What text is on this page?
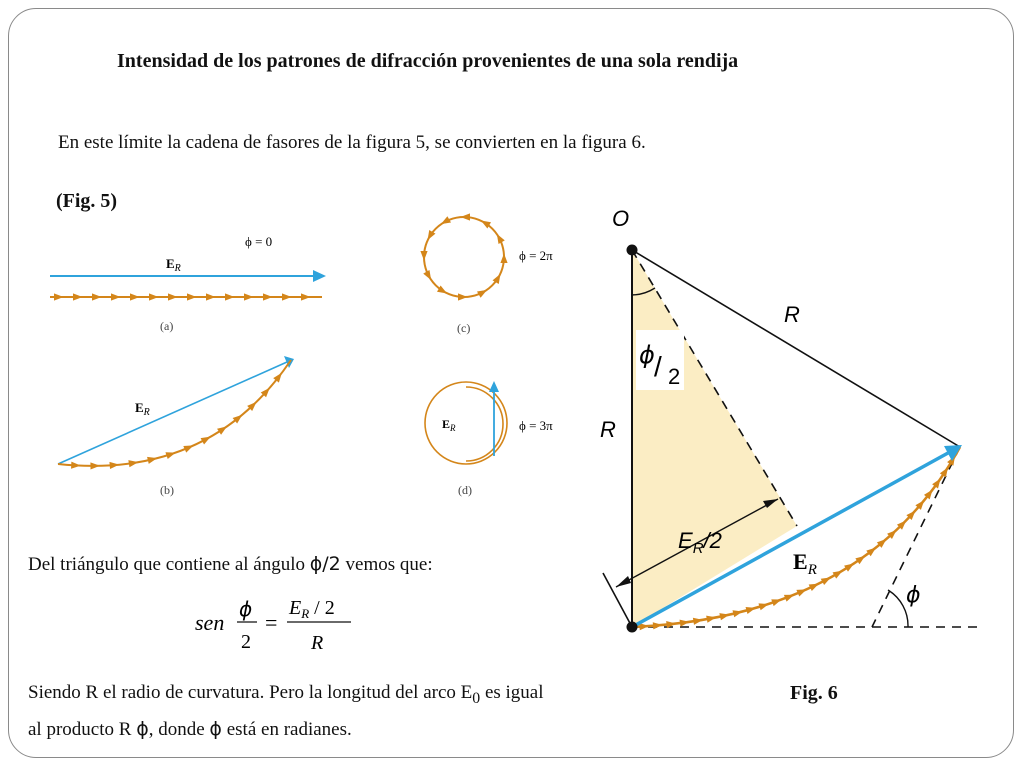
Intensidad de los patrones de difracción provenientes de una sola rendija
En este límite la cadena de fasores de la figura 5, se convierten en la figura 6.
(Fig. 5)
$E_R$
ϕ = 0
(a)
$E_R$
(b)
ϕ = 2π
(c)
$E_R$	ϕ = 3π
(d)
O
R
R
ϕ / 2
$E_R/2$
$E_R$
ϕ
Del triángulo que contiene al ángulo ϕ/2 vemos que:
sen
ϕ
2
=
$E_R / 2$
R
Siendo R el radio de curvatura. Pero la longitud del arco $E_0$ es igual
al producto R ϕ, donde ϕ está en radianes.
Fig. 6
